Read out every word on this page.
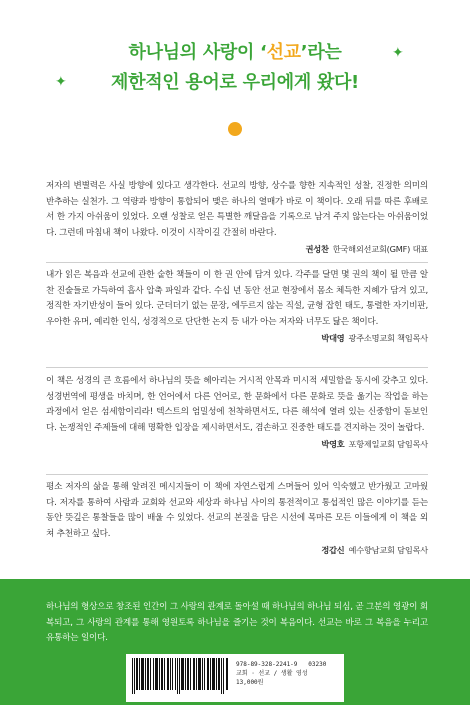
하나님의 사랑이 ‘선교’라는
제한적인 용어로 우리에게 왔다!
✦
✦
저자의 변별력은 사실 방향에 있다고 생각한다. 선교의 방향, 상수를 향한 지속적인 성찰, 진정한 의미의 반추하는 실천가. 그 역량과 방향이 통합되어 맺은 하나의 열매가 바로 이 책이다. 오래 뒤를 따른 후배로서 한 가지 아쉬움이 있었다. 오랜 성찰로 얻은 특별한 깨달음을 기록으로 남겨 주지 않는다는 아쉬움이었다. 그런데 마침내 책이 나왔다. 이것이 시작이길 간절히 바란다.
권성찬 한국해외선교회(GMF) 대표
내가 읽은 복음과 선교에 관한 숱한 책들이 이 한 권 안에 담겨 있다. 각주를 달면 몇 권의 책이 될 만큼 알찬 진술들로 가득하여 흡사 압축 파일과 같다. 수십 년 동안 선교 현장에서 몸소 체득한 지혜가 담겨 있고, 정직한 자기반성이 들어 있다. 군더더기 없는 문장, 에두르지 않는 직설, 균형 잡힌 태도, 통렬한 자기비판, 우아한 유머, 예리한 인식, 성경적으로 단단한 논지 등 내가 아는 저자와 너무도 닮은 책이다.
박대영 광주소명교회 책임목사
이 책은 성경의 큰 흐름에서 하나님의 뜻을 헤아리는 거시적 안목과 미시적 세밀함을 동시에 갖추고 있다. 성경번역에 평생을 바치며, 한 언어에서 다른 언어로, 한 문화에서 다른 문화로 뜻을 옮기는 작업을 하는 과정에서 얻은 섬세함이리라! 텍스트의 엄밀성에 천착하면서도, 다른 해석에 열려 있는 신중함이 돋보인다. 논쟁적인 주제들에 대해 명확한 입장을 제시하면서도, 겸손하고 진중한 태도를 견지하는 것이 놀랍다.
박영호 포항제일교회 담임목사
평소 저자의 삶을 통해 알려진 메시지들이 이 책에 자연스럽게 스며들어 있어 익숙했고 반가웠고 고마웠다. 저자를 통하여 사람과 교회와 선교와 세상과 하나님 사이의 통전적이고 통섭적인 많은 이야기를 듣는 동안 뜻깊은 통찰들을 많이 배울 수 있었다. 선교의 본질을 담은 시선에 목마른 모든 이들에게 이 책을 외쳐 추천하고 싶다.
정갑신 예수향남교회 담임목사
하나님의 형상으로 창조된 인간이 그 사랑의 관계로 돌아설 때 하나님의 하나님 되심, 곧 그분의 영광이 회복되고, 그 사랑의 관계를 통해 영원토록 하나님을 즐기는 것이 복음이다. 선교는 바로 그 복음을 누리고 유통하는 일이다.
978-89-328-2241-9 03230
교회 · 선교 / 생활 영성
13,000원
